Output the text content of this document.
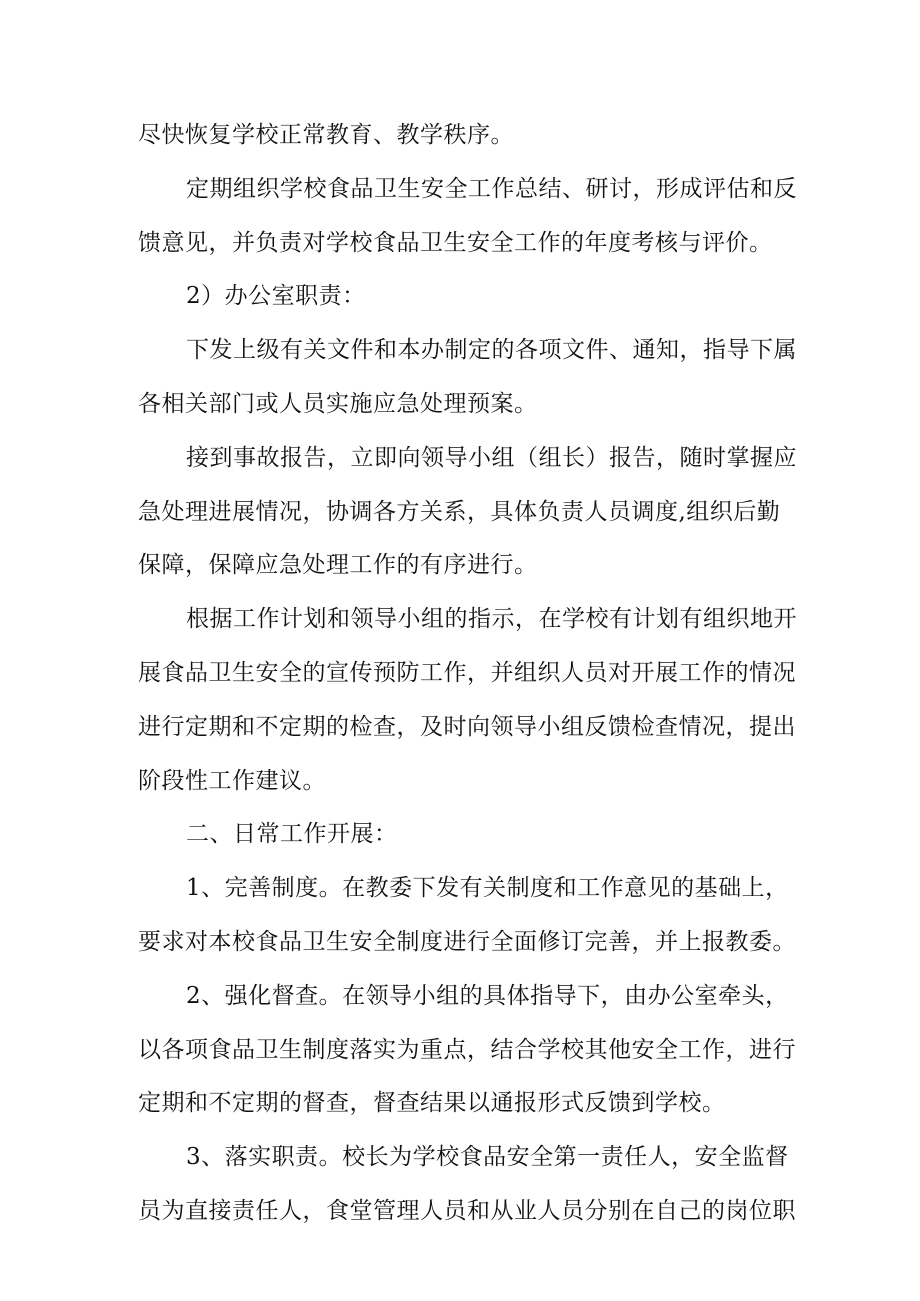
尽快恢复学校正常教育、教学秩序。
定期组织学校食品卫生安全工作总结、研讨，形成评估和反
馈意见，并负责对学校食品卫生安全工作的年度考核与评价。
2）办公室职责：
下发上级有关文件和本办制定的各项文件、通知，指导下属
各相关部门或人员实施应急处理预案。
接到事故报告，立即向领导小组（组长）报告，随时掌握应
急处理进展情况，协调各方关系，具体负责人员调度,组织后勤
保障，保障应急处理工作的有序进行。
根据工作计划和领导小组的指示，在学校有计划有组织地开
展食品卫生安全的宣传预防工作，并组织人员对开展工作的情况
进行定期和不定期的检查，及时向领导小组反馈检查情况，提出
阶段性工作建议。
二、日常工作开展：
1、完善制度。在教委下发有关制度和工作意见的基础上，
要求对本校食品卫生安全制度进行全面修订完善，并上报教委。
2、强化督查。在领导小组的具体指导下，由办公室牵头，
以各项食品卫生制度落实为重点，结合学校其他安全工作，进行
定期和不定期的督查，督查结果以通报形式反馈到学校。
3、落实职责。校长为学校食品安全第一责任人，安全监督
员为直接责任人，食堂管理人员和从业人员分别在自己的岗位职
